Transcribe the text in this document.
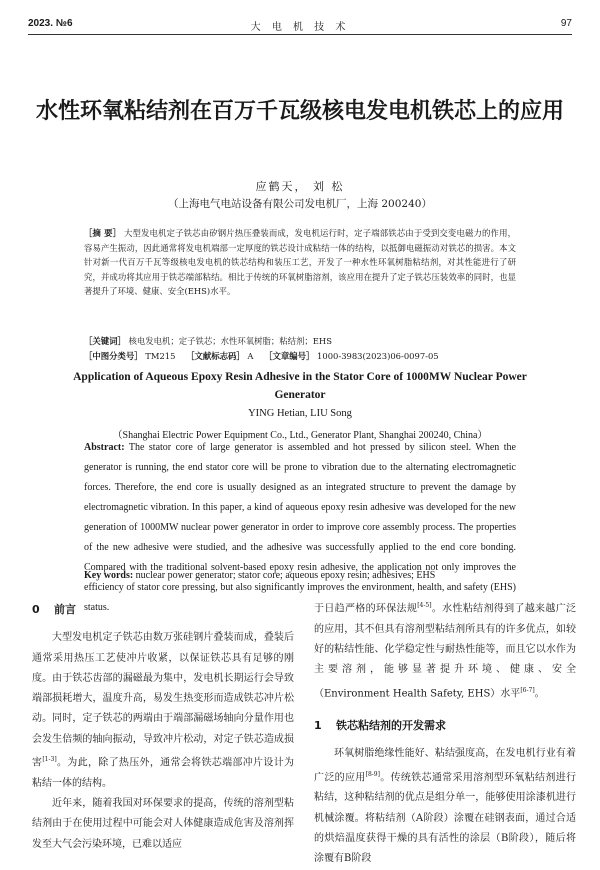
2023. №6	大 电 机 技 术	97
水性环氧粘结剂在百万千瓦级核电发电机铁芯上的应用
应鹤天， 刘 松
（上海电气电站设备有限公司发电机厂，上海 200240）
［摘 要］ 大型发电机定子铁芯由矽钢片热压叠装而成，发电机运行时，定子端部铁芯由于受到交变电磁力的作用，容易产生振动，因此通常将发电机端部一定厚度的铁芯设计成粘结一体的结构，以抵御电磁振动对铁芯的损害。本文针对新一代百万千瓦等级核电发电机的铁芯结构和装压工艺，开发了一种水性环氧树脂粘结剂，对其性能进行了研究，并成功将其应用于铁芯端部粘结。相比于传统的环氧树脂溶剂，该应用在提升了定子铁芯压装效率的同时，也显著提升了环境、健康、安全(EHS)水平。
［关键词］ 核电发电机；定子铁芯；水性环氧树脂；粘结剂；EHS
［中图分类号］ TM215 ［文献标志码］ A ［文章编号］ 1000-3983(2023)06-0097-05
Application of Aqueous Epoxy Resin Adhesive in the Stator Core of 1000MW Nuclear Power Generator
YING Hetian, LIU Song
（Shanghai Electric Power Equipment Co., Ltd., Generator Plant, Shanghai 200240, China）
Abstract: The stator core of large generator is assembled and hot pressed by silicon steel. When the generator is running, the end stator core will be prone to vibration due to the alternating electromagnetic forces. Therefore, the end core is usually designed as an integrated structure to prevent the damage by electromagnetic vibration. In this paper, a kind of aqueous epoxy resin adhesive was developed for the new generation of 1000MW nuclear power generator in order to improve core assembly process. The properties of the new adhesive were studied, and the adhesive was successfully applied to the end core bonding. Compared with the traditional solvent-based epoxy resin adhesive, the application not only improves the efficiency of stator core pressing, but also significantly improves the environment, health, and safety (EHS) status.
Key words: nuclear power generator; stator core; aqueous epoxy resin; adhesives; EHS
0 前言

大型发电机定子铁芯由数万张硅钢片叠装而成，叠装后通常采用热压工艺使冲片收紧，以保证铁芯具有足够的刚度。由于铁芯齿部的漏磁最为集中，发电机长期运行会导致端部损耗增大，温度升高，易发生热变形而造成铁芯冲片松动。同时，定子铁芯的两端由于端部漏磁场轴向分量作用也会发生倍频的轴向振动，导致冲片松动，对定子铁芯造成损害[1-3]。为此，除了热压外，通常会将铁芯端部冲片设计为粘结一体的结构。

近年来，随着我国对环保要求的提高，传统的溶剂型粘结剂由于在使用过程中可能会对人体健康造成危害及溶剂挥发至大气会污染环境，已难以适应

于日趋严格的环保法规[4-5]。水性粘结剂得到了越来越广泛的应用，其不但具有溶剂型粘结剂所具有的许多优点，如较好的粘结性能、化学稳定性与耐热性能等，而且它以水作为主要溶剂，能够显著提升环境、健康、安全（Environment Health Safety, EHS）水平[6-7]。

1 铁芯粘结剂的开发需求

环氧树脂绝缘性能好、粘结强度高，在发电机行业有着广泛的应用[8-9]。传统铁芯通常采用溶剂型环氧粘结剂进行粘结，这种粘结剂的优点是组分单一，能够使用涂漆机进行机械涂覆。将粘结剂（A阶段）涂覆在硅钢表面，通过合适的烘焙温度获得干燥的具有活性的涂层（B阶段），随后将涂覆有B阶段
